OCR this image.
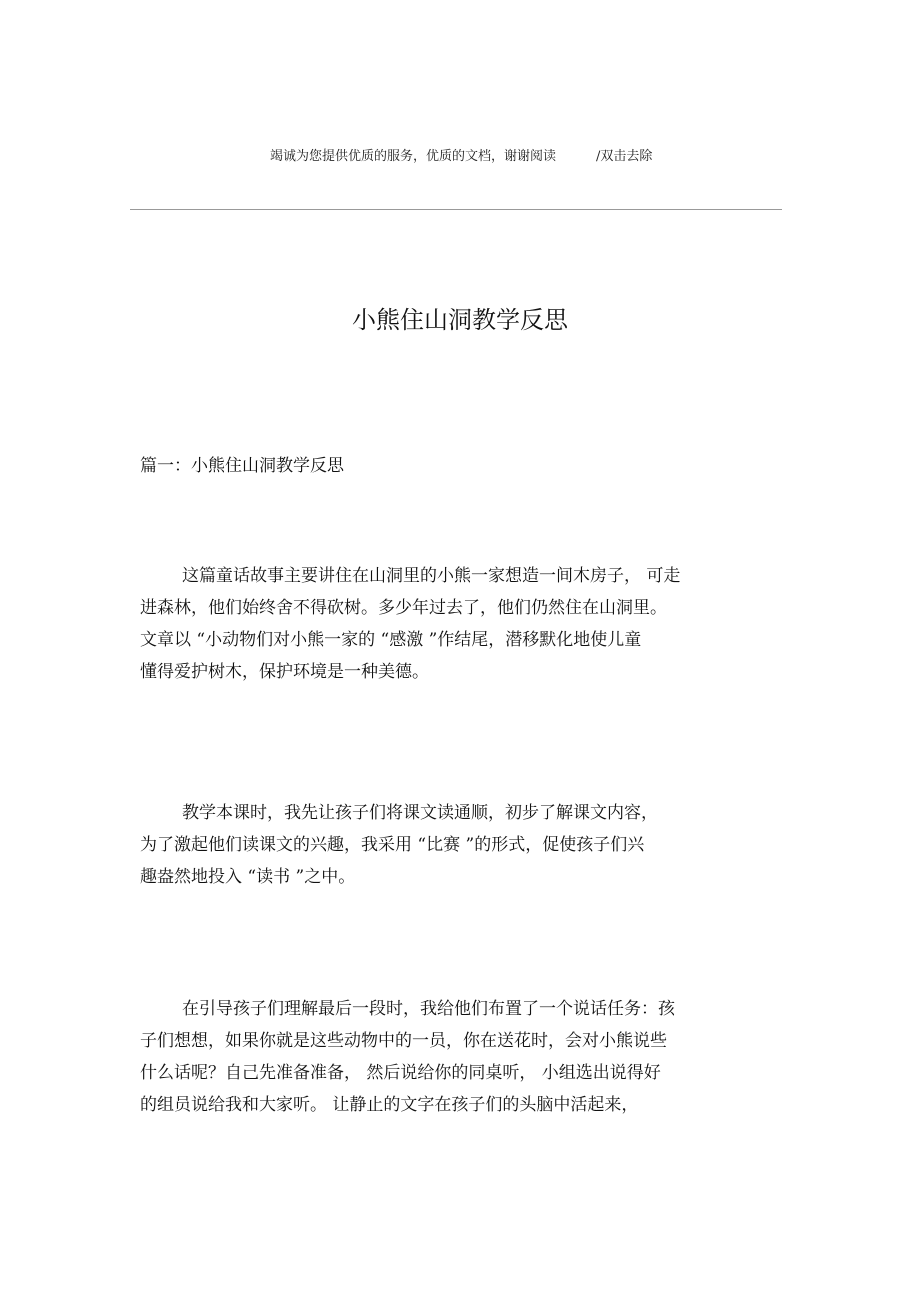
竭诚为您提供优质的服务，优质的文档，谢谢阅读	/双击去除
小熊住山洞教学反思
篇一：小熊住山洞教学反思

这篇童话故事主要讲住在山洞里的小熊一家想造一间木房子， 可走
进森林，他们始终舍不得砍树。多少年过去了，他们仍然住在山洞里。
文章以 “小动物们对小熊一家的 “感激 ”作结尾，潜移默化地使儿童
懂得爱护树木，保护环境是一种美德。

教学本课时，我先让孩子们将课文读通顺，初步了解课文内容，
为了激起他们读课文的兴趣，我采用 “比赛 ”的形式，促使孩子们兴
趣盎然地投入 “读书 ”之中。

在引导孩子们理解最后一段时，我给他们布置了一个说话任务：孩
子们想想，如果你就是这些动物中的一员，你在送花时，会对小熊说些
什么话呢？自己先准备准备， 然后说给你的同桌听， 小组选出说得好
的组员说给我和大家听。 让静止的文字在孩子们的头脑中活起来，
